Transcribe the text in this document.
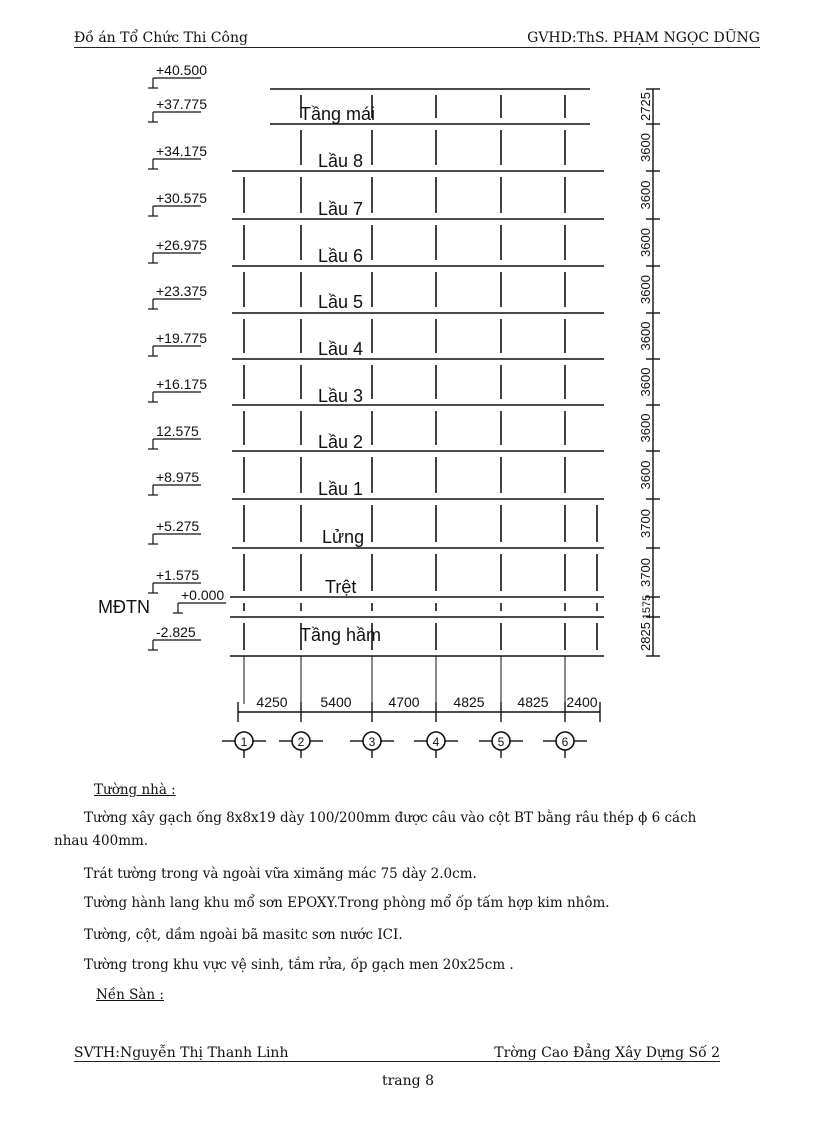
Đồ án Tổ Chức Thi Công	GVHD:ThS. PHẠM NGỌC DŨNG
+40.500
+37.775
+34.175
+30.575
+26.975
+23.375
+19.775
+16.175
12.575
+8.975
+5.275
+1.575
+0.000
-2.825
MĐTN
Tầng mái
Lầu 8
Lầu 7
Lầu 6
Lầu 5
Lầu 4
Lầu 3
Lầu 2
Lầu 1
Lửng
Trệt
Tầng hầm
2725
3600
3600
3600
3600
3600
3600
3600
3600
3700
3700
1575
2825
4250 5400	4700 4825 4825 2400
1	2	3	4	5	6
Tường nhà :
Tường xây gạch ống 8x8x19 dày 100/200mm được câu vào cột BT bằng râu thép ϕ 6 cách
nhau 400mm.
Trát tường trong và ngoài vữa ximăng mác 75 dày 2.0cm.
Tường hành lang khu mổ sơn EPOXY.Trong phòng mổ ốp tấm hợp kim nhôm.
Tường, cột, dầm ngoài bã masitc sơn nước ICI.
Tường trong khu vực vệ sinh, tắm rửa, ốp gạch men 20x25cm .
Nền Sàn :
SVTH:Nguyễn Thị Thanh Linh	Trờng Cao Đẳng Xây Dựng Số 2
trang 8
